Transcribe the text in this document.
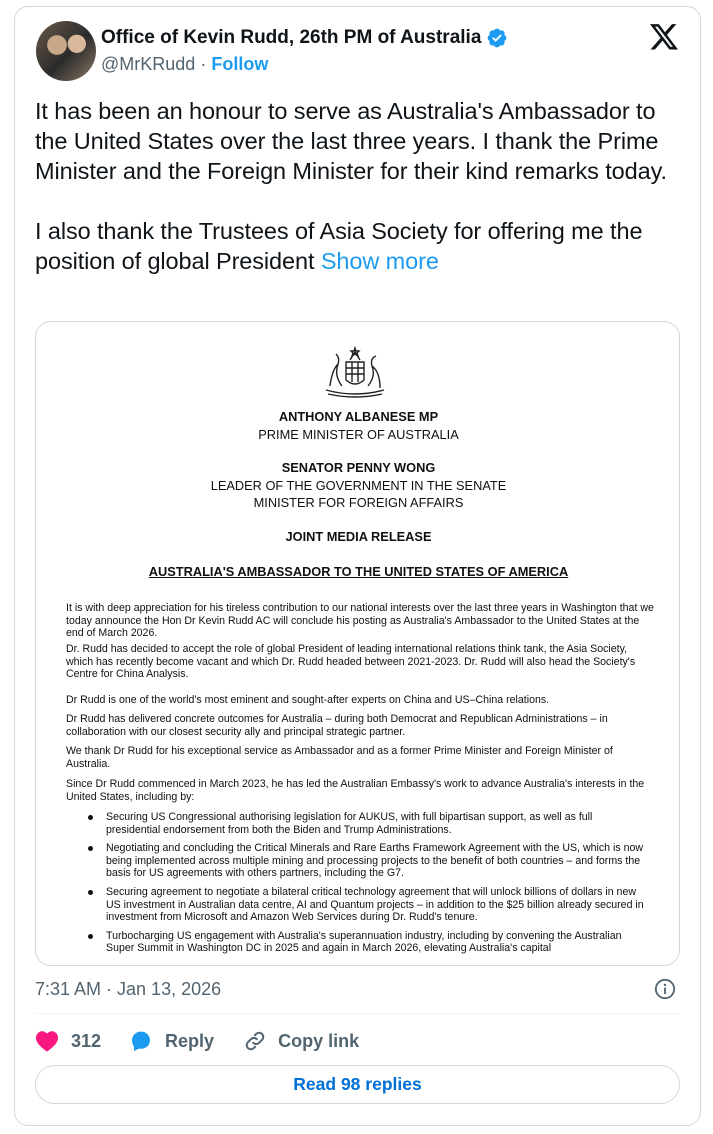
Office of Kevin Rudd, 26th PM of Australia
@MrKRudd · Follow

It has been an honour to serve as Australia's Ambassador to the United States over the last three years. I thank the Prime Minister and the Foreign Minister for their kind remarks today.

I also thank the Trustees of Asia Society for offering me the position of global President Show more

ANTHONY ALBANESE MP
PRIME MINISTER OF AUSTRALIA
SENATOR PENNY WONG
LEADER OF THE GOVERNMENT IN THE SENATE
MINISTER FOR FOREIGN AFFAIRS
JOINT MEDIA RELEASE
AUSTRALIA'S AMBASSADOR TO THE UNITED STATES OF AMERICA
It is with deep appreciation for his tireless contribution to our national interests over the last three years in Washington that we today announce the Hon Dr Kevin Rudd AC will conclude his posting as Australia's Ambassador to the United States at the end of March 2026.
Dr. Rudd has decided to accept the role of global President of leading international relations think tank, the Asia Society, which has recently become vacant and which Dr. Rudd headed between 2021-2023. Dr. Rudd will also head the Society's Centre for China Analysis.
Dr Rudd is one of the world's most eminent and sought-after experts on China and US–China relations.
Dr Rudd has delivered concrete outcomes for Australia – during both Democrat and Republican Administrations – in collaboration with our closest security ally and principal strategic partner.
We thank Dr Rudd for his exceptional service as Ambassador and as a former Prime Minister and Foreign Minister of Australia.
Since Dr Rudd commenced in March 2023, he has led the Australian Embassy's work to advance Australia's interests in the United States, including by:
Securing US Congressional authorising legislation for AUKUS, with full bipartisan support, as well as full presidential endorsement from both the Biden and Trump Administrations.
Negotiating and concluding the Critical Minerals and Rare Earths Framework Agreement with the US, which is now being implemented across multiple mining and processing projects to the benefit of both countries – and forms the basis for US agreements with others partners, including the G7.
Securing agreement to negotiate a bilateral critical technology agreement that will unlock billions of dollars in new US investment in Australian data centre, AI and Quantum projects – in addition to the $25 billion already secured in investment from Microsoft and Amazon Web Services during Dr. Rudd's tenure.
Turbocharging US engagement with Australia's superannuation industry, including by convening the Australian Super Summit in Washington DC in 2025 and again in March 2026, elevating Australia's capital
7:31 AM · Jan 13, 2026
312	Reply	Copy link
Read 98 replies
